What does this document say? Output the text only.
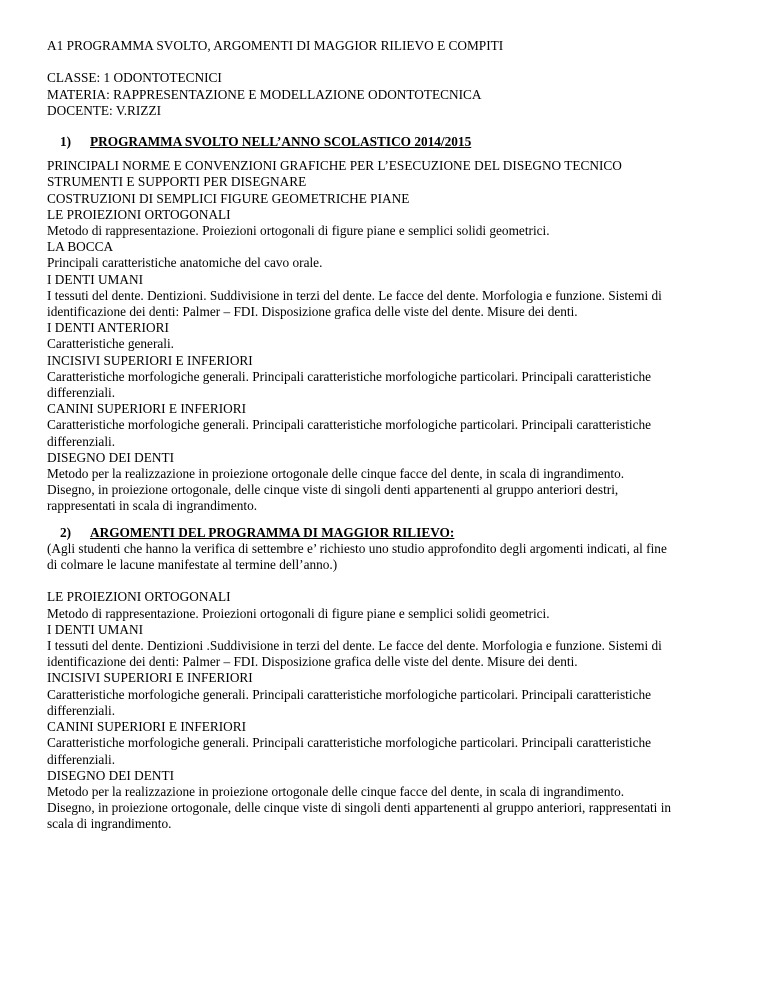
A1 PROGRAMMA SVOLTO, ARGOMENTI DI MAGGIOR RILIEVO E COMPITI

CLASSE: 1 ODONTOTECNICI

MATERIA: RAPPRESENTAZIONE E MODELLAZIONE ODONTOTECNICA

DOCENTE: V.RIZZI

1) PROGRAMMA SVOLTO NELL’ANNO SCOLASTICO 2014/2015

PRINCIPALI NORME E CONVENZIONI GRAFICHE PER L’ESECUZIONE DEL DISEGNO TECNICO

STRUMENTI E SUPPORTI PER DISEGNARE

COSTRUZIONI DI SEMPLICI FIGURE GEOMETRICHE PIANE

LE PROIEZIONI ORTOGONALI

Metodo di rappresentazione. Proiezioni ortogonali di figure piane e semplici solidi geometrici.

LA BOCCA

Principali caratteristiche anatomiche del cavo orale.

I DENTI UMANI

I tessuti del dente. Dentizioni. Suddivisione in terzi del dente. Le facce del dente. Morfologia e funzione. Sistemi di

identificazione dei denti: Palmer – FDI. Disposizione grafica delle viste del dente. Misure dei denti.

I DENTI ANTERIORI

Caratteristiche generali.

INCISIVI SUPERIORI E INFERIORI

Caratteristiche morfologiche generali. Principali caratteristiche morfologiche particolari. Principali caratteristiche

differenziali.

CANINI SUPERIORI E INFERIORI

Caratteristiche morfologiche generali. Principali caratteristiche morfologiche particolari. Principali caratteristiche

differenziali.

DISEGNO DEI DENTI

Metodo per la realizzazione in proiezione ortogonale delle cinque facce del dente, in scala di ingrandimento.

Disegno, in proiezione ortogonale, delle cinque viste di singoli denti appartenenti al gruppo anteriori destri,

rappresentati in scala di ingrandimento.

2) ARGOMENTI DEL PROGRAMMA DI MAGGIOR RILIEVO:

(Agli studenti che hanno la verifica di settembre e’ richiesto uno studio approfondito degli argomenti indicati, al fine

di colmare le lacune manifestate al termine dell’anno.)

LE PROIEZIONI ORTOGONALI

Metodo di rappresentazione. Proiezioni ortogonali di figure piane e semplici solidi geometrici.

I DENTI UMANI

I tessuti del dente. Dentizioni .Suddivisione in terzi del dente. Le facce del dente. Morfologia e funzione. Sistemi di

identificazione dei denti: Palmer – FDI. Disposizione grafica delle viste del dente. Misure dei denti.

INCISIVI SUPERIORI E INFERIORI

Caratteristiche morfologiche generali. Principali caratteristiche morfologiche particolari. Principali caratteristiche

differenziali.

CANINI SUPERIORI E INFERIORI

Caratteristiche morfologiche generali. Principali caratteristiche morfologiche particolari. Principali caratteristiche

differenziali.

DISEGNO DEI DENTI

Metodo per la realizzazione in proiezione ortogonale delle cinque facce del dente, in scala di ingrandimento.

Disegno, in proiezione ortogonale, delle cinque viste di singoli denti appartenenti al gruppo anteriori, rappresentati in

scala di ingrandimento.
